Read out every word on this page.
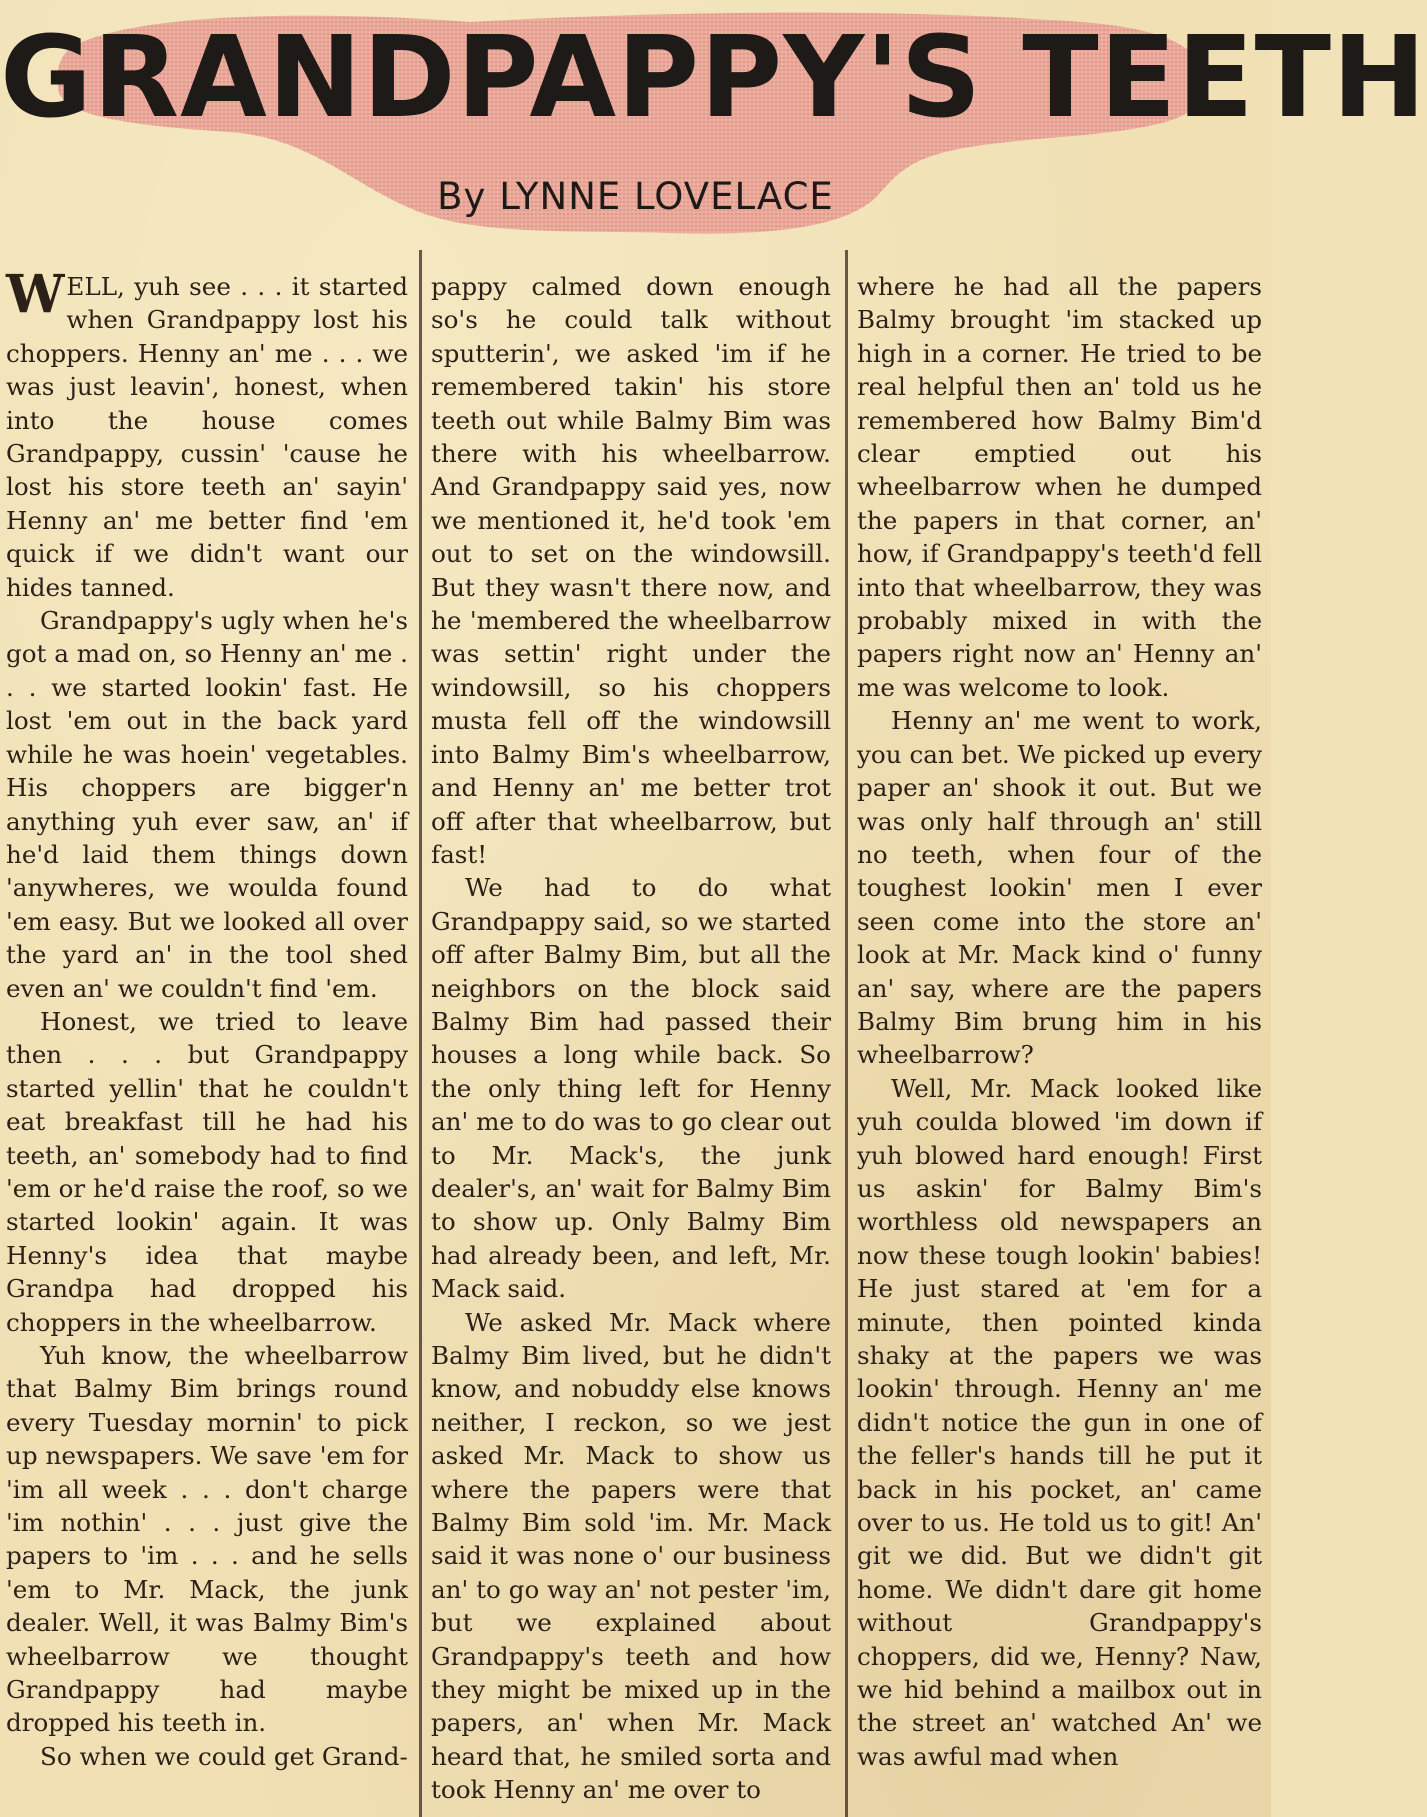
GRANDPAPPY'S TEETH
By LYNNE LOVELACE

WELL, yuh see . . . it started when Grandpappy lost his choppers. Henny an' me . . . we was just leavin', honest, when into the house comes Grandpappy, cussin' 'cause he lost his store teeth an' sayin' Henny an' me better find 'em quick if we didn't want our hides tanned.

Grandpappy's ugly when he's got a mad on, so Henny an' me . . . we started lookin' fast. He lost 'em out in the back yard while he was hoein' vegetables. His choppers are bigger'n anything yuh ever saw, an' if he'd laid them things down 'anywheres, we woulda found 'em easy. But we looked all over the yard an' in the tool shed even an' we couldn't find 'em.

Honest, we tried to leave then . . . but Grandpappy started yellin' that he couldn't eat breakfast till he had his teeth, an' somebody had to find 'em or he'd raise the roof, so we started lookin' again. It was Henny's idea that maybe Grandpa had dropped his choppers in the wheelbarrow.

Yuh know, the wheelbarrow that Balmy Bim brings round every Tuesday mornin' to pick up newspapers. We save 'em for 'im all week . . . don't charge 'im nothin' . . . just give the papers to 'im . . . and he sells 'em to Mr. Mack, the junk dealer. Well, it was Balmy Bim's wheelbarrow we thought Grandpappy had maybe dropped his teeth in.

So when we could get Grand-

pappy calmed down enough so's he could talk without sputterin', we asked 'im if he remembered takin' his store teeth out while Balmy Bim was there with his wheelbarrow. And Grandpappy said yes, now we mentioned it, he'd took 'em out to set on the windowsill. But they wasn't there now, and he 'membered the wheelbarrow was settin' right under the windowsill, so his choppers musta fell off the windowsill into Balmy Bim's wheelbarrow, and Henny an' me better trot off after that wheelbarrow, but fast!

We had to do what Grandpappy said, so we started off after Balmy Bim, but all the neighbors on the block said Balmy Bim had passed their houses a long while back. So the only thing left for Henny an' me to do was to go clear out to Mr. Mack's, the junk dealer's, an' wait for Balmy Bim to show up. Only Balmy Bim had already been, and left, Mr. Mack said.

We asked Mr. Mack where Balmy Bim lived, but he didn't know, and nobuddy else knows neither, I reckon, so we jest asked Mr. Mack to show us where the papers were that Balmy Bim sold 'im. Mr. Mack said it was none o' our business an' to go way an' not pester 'im, but we explained about Grandpappy's teeth and how they might be mixed up in the papers, an' when Mr. Mack heard that, he smiled sorta and took Henny an' me over to

where he had all the papers Balmy brought 'im stacked up high in a corner. He tried to be real helpful then an' told us he remembered how Balmy Bim'd clear emptied out his wheelbarrow when he dumped the papers in that corner, an' how, if Grandpappy's teeth'd fell into that wheelbarrow, they was probably mixed in with the papers right now an' Henny an' me was welcome to look.

Henny an' me went to work, you can bet. We picked up every paper an' shook it out. But we was only half through an' still no teeth, when four of the toughest lookin' men I ever seen come into the store an' look at Mr. Mack kind o' funny an' say, where are the papers Balmy Bim brung him in his wheelbarrow?

Well, Mr. Mack looked like yuh coulda blowed 'im down if yuh blowed hard enough! First us askin' for Balmy Bim's worthless old newspapers an now these tough lookin' babies! He just stared at 'em for a minute, then pointed kinda shaky at the papers we was lookin' through. Henny an' me didn't notice the gun in one of the feller's hands till he put it back in his pocket, an' came over to us. He told us to git! An' git we did. But we didn't git home. We didn't dare git home without Grandpappy's choppers, did we, Henny? Naw, we hid behind a mailbox out in the street an' watched An' we was awful mad when
